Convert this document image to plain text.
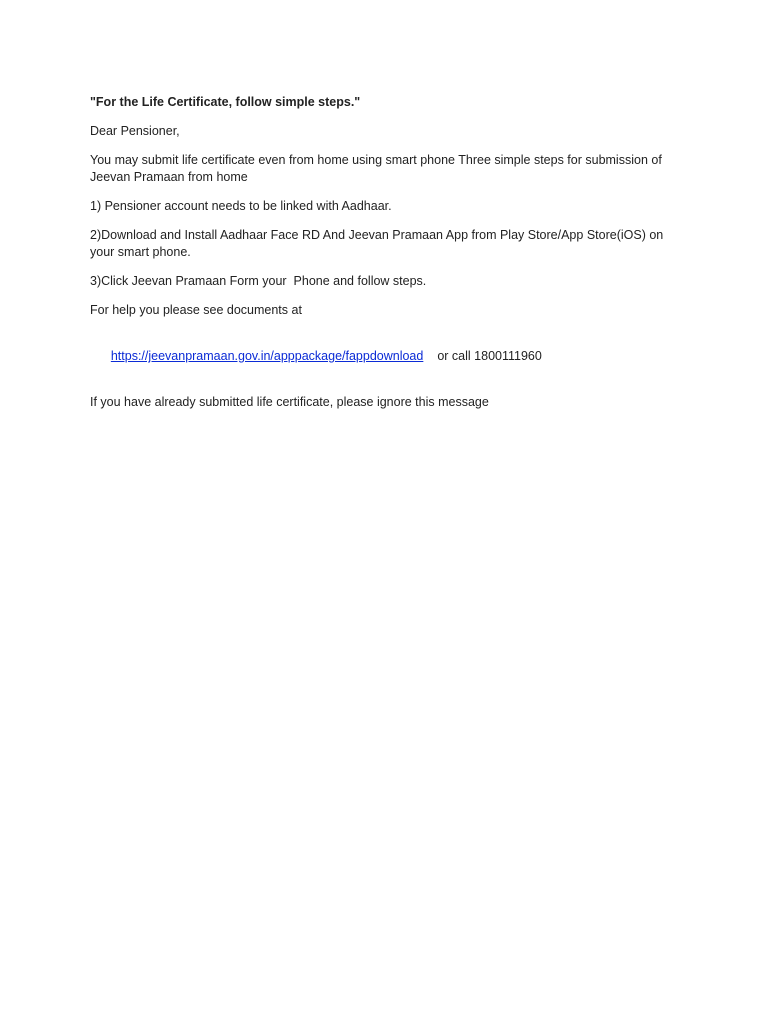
"For the Life Certificate, follow simple steps."
Dear Pensioner,
You may submit life certificate even from home using smart phone Three simple steps for submission of Jeevan Pramaan from home
1) Pensioner account needs to be linked with Aadhaar.
2)Download and Install Aadhaar Face RD And Jeevan Pramaan App from Play Store/App Store(iOS) on your smart phone.
3)Click Jeevan Pramaan Form your  Phone and follow steps.
For help you please see documents at

https://jeevanpramaan.gov.in/apppackage/fappdownload or call 1800111960

If you have already submitted life certificate, please ignore this message
